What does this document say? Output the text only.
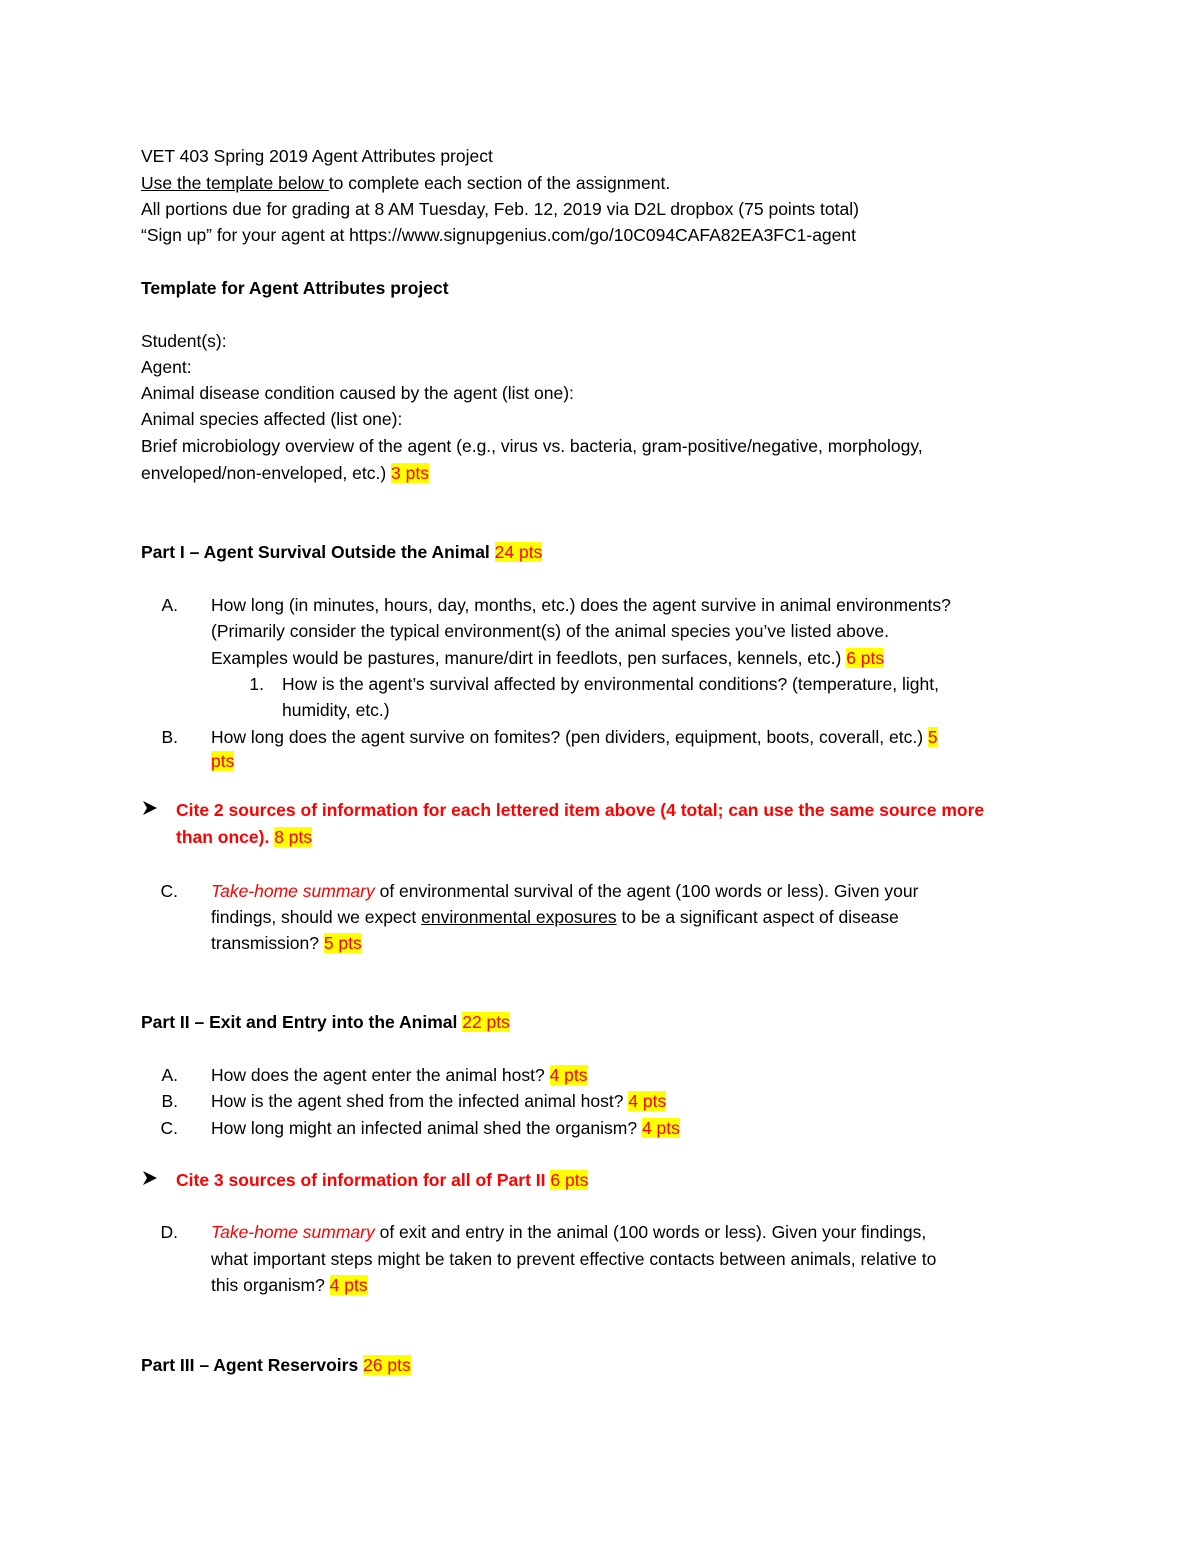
VET 403 Spring 2019 Agent Attributes project
Use the template below to complete each section of the assignment.
All portions due for grading at 8 AM Tuesday, Feb. 12, 2019 via D2L dropbox (75 points total)
“Sign up” for your agent at https://www.signupgenius.com/go/10C094CAFA82EA3FC1-agent
Template for Agent Attributes project
Student(s):
Agent:
Animal disease condition caused by the agent (list one):
Animal species affected (list one):
Brief microbiology overview of the agent (e.g., virus vs. bacteria, gram-positive/negative, morphology,
enveloped/non-enveloped, etc.) 3 pts
Part I – Agent Survival Outside the Animal 24 pts
A. How long (in minutes, hours, day, months, etc.) does the agent survive in animal environments?
(Primarily consider the typical environment(s) of the animal species you’ve listed above.
Examples would be pastures, manure/dirt in feedlots, pen surfaces, kennels, etc.) 6 pts
1. How is the agent’s survival affected by environmental conditions? (temperature, light,
humidity, etc.)
B. How long does the agent survive on fomites? (pen dividers, equipment, boots, coverall, etc.) 5
pts
Cite 2 sources of information for each lettered item above (4 total; can use the same source more
than once). 8 pts
C. Take-home summary of environmental survival of the agent (100 words or less). Given your
findings, should we expect environmental exposures to be a significant aspect of disease
transmission? 5 pts
Part II – Exit and Entry into the Animal 22 pts
A. How does the agent enter the animal host? 4 pts
B. How is the agent shed from the infected animal host? 4 pts
C. How long might an infected animal shed the organism? 4 pts
Cite 3 sources of information for all of Part II 6 pts
D. Take-home summary of exit and entry in the animal (100 words or less). Given your findings,
what important steps might be taken to prevent effective contacts between animals, relative to
this organism? 4 pts
Part III – Agent Reservoirs 26 pts
